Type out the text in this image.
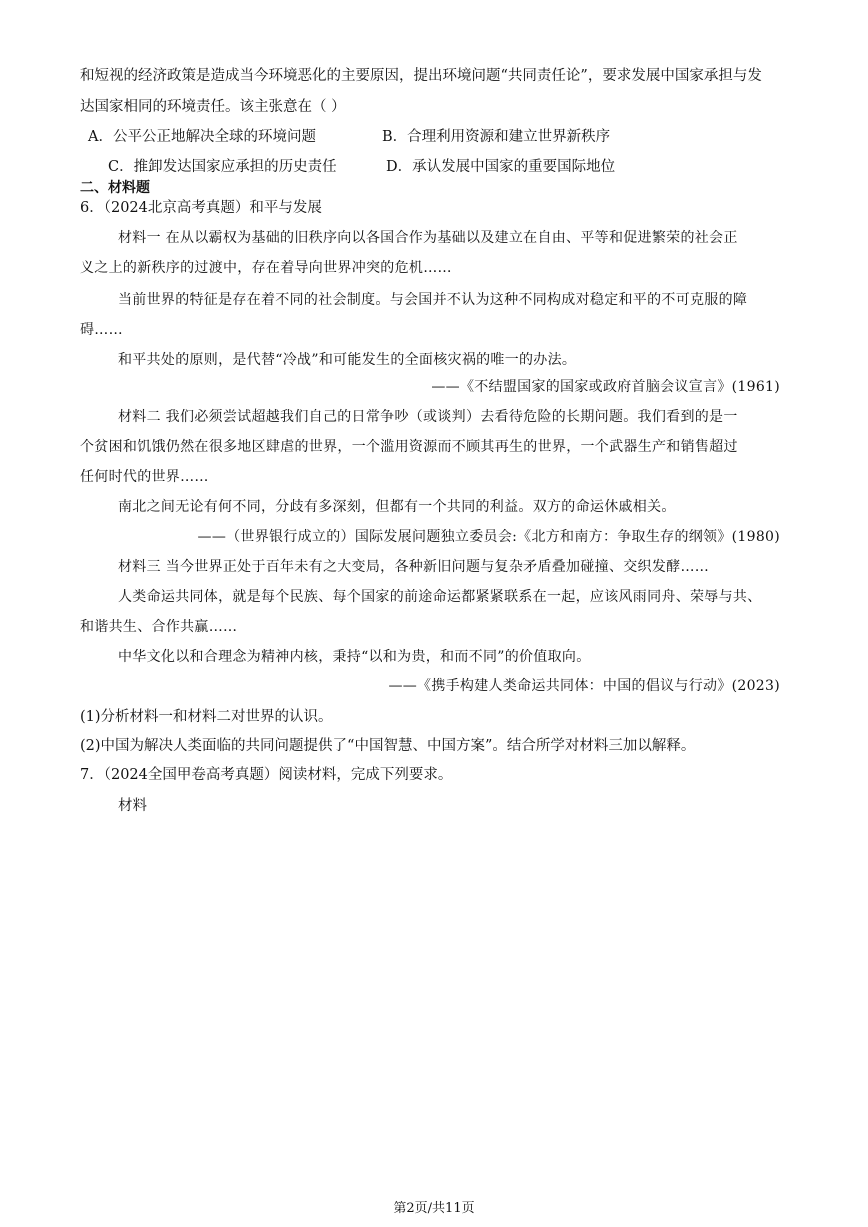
和短视的经济政策是造成当今环境恶化的主要原因，提出环境问题“共同责任论”，要求发展中国家承担与发
达国家相同的环境责任。该主张意在（ ）
A．公平公正地解决全球的环境问题	B．合理利用资源和建立世界新秩序
C．推卸发达国家应承担的历史责任	D．承认发展中国家的重要国际地位
二、材料题
6．（2024北京高考真题）和平与发展
材料一 在从以霸权为基础的旧秩序向以各国合作为基础以及建立在自由、平等和促进繁荣的社会正
义之上的新秩序的过渡中，存在着导向世界冲突的危机……
当前世界的特征是存在着不同的社会制度。与会国并不认为这种不同构成对稳定和平的不可克服的障
碍……
和平共处的原则，是代替“冷战”和可能发生的全面核灾祸的唯一的办法。
——《不结盟国家的国家或政府首脑会议宣言》(1961)
材料二 我们必须尝试超越我们自己的日常争吵（或谈判）去看待危险的长期问题。我们看到的是一
个贫困和饥饿仍然在很多地区肆虐的世界，一个滥用资源而不顾其再生的世界，一个武器生产和销售超过
任何时代的世界……
南北之间无论有何不同，分歧有多深刻，但都有一个共同的利益。双方的命运休戚相关。
——（世界银行成立的）国际发展问题独立委员会:《北方和南方：争取生存的纲领》(1980)
材料三 当今世界正处于百年未有之大变局，各种新旧问题与复杂矛盾叠加碰撞、交织发酵……
人类命运共同体，就是每个民族、每个国家的前途命运都紧紧联系在一起，应该风雨同舟、荣辱与共、
和谐共生、合作共赢……
中华文化以和合理念为精神内核，秉持“以和为贵，和而不同”的价值取向。
——《携手构建人类命运共同体：中国的倡议与行动》(2023)
(1)分析材料一和材料二对世界的认识。
(2)中国为解决人类面临的共同问题提供了“中国智慧、中国方案”。结合所学对材料三加以解释。
7．（2024全国甲卷高考真题）阅读材料，完成下列要求。
材料
第2页/共11页
